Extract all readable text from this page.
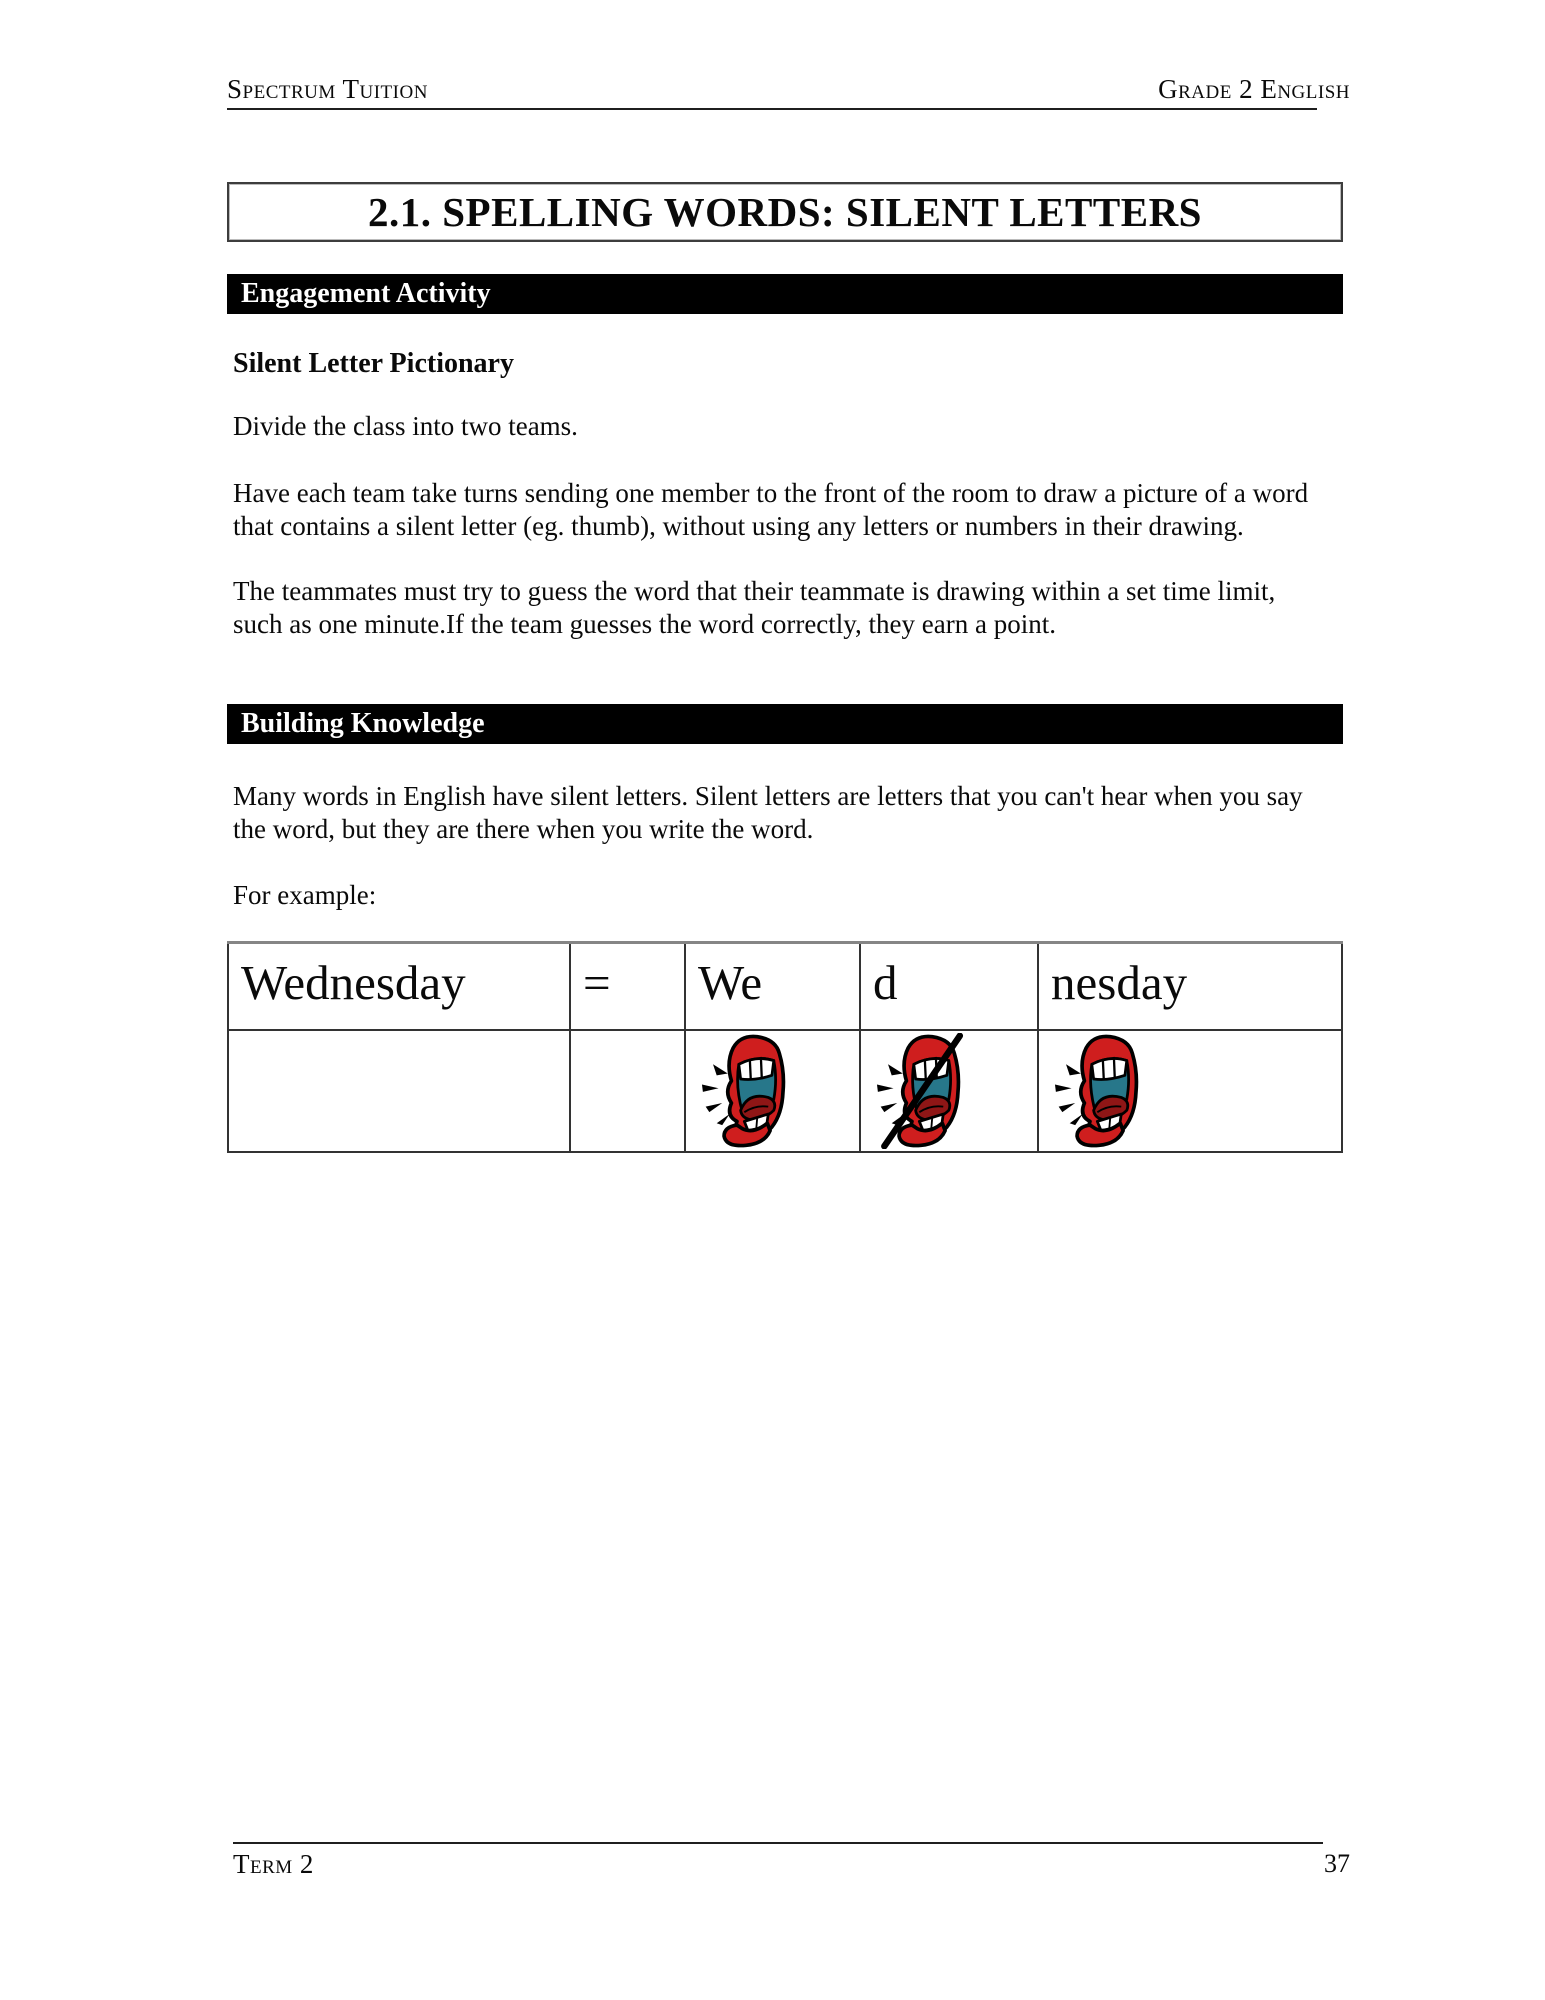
Spectrum Tuition	Grade 2 English
2.1. SPELLING WORDS: SILENT LETTERS
Engagement Activity
Silent Letter Pictionary

Divide the class into two teams.

Have each team take turns sending one member to the front of the room to draw a picture of a word that contains a silent letter (eg. thumb), without using any letters or numbers in their drawing.

The teammates must try to guess the word that their teammate is drawing within a set time limit, such as one minute.If the team guesses the word correctly, they earn a point.

Building Knowledge

Many words in English have silent letters. Silent letters are letters that you can't hear when you say the word, but they are there when you write the word.

For example:
Wednesday	=	We	d	nesday

Term 2	37
